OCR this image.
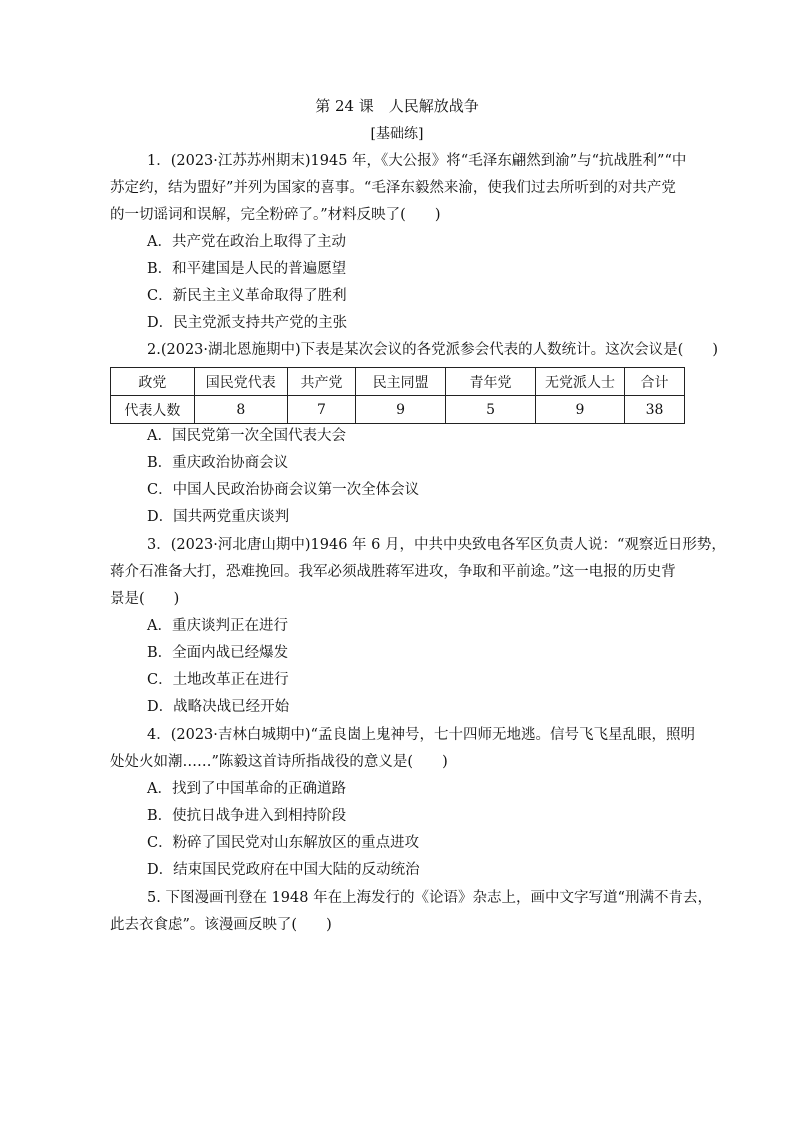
第 24 课　人民解放战争
[基础练]
1．(2023·江苏苏州期末)1945 年，《大公报》将“毛泽东翩然到渝”与“抗战胜利”“中
苏定约，结为盟好”并列为国家的喜事。“毛泽东毅然来渝，使我们过去所听到的对共产党
的一切谣词和误解，完全粉碎了。”材料反映了(　　)
A．共产党在政治上取得了主动
B．和平建国是人民的普遍愿望
C．新民主主义革命取得了胜利
D．民主党派支持共产党的主张
2.(2023·湖北恩施期中)下表是某次会议的各党派参会代表的人数统计。这次会议是(　　)
政党	国民党代表	共产党	民主同盟	青年党	无党派人士	合计
代表人数	8	7	9	5	9	38
A．国民党第一次全国代表大会
B．重庆政治协商会议
C．中国人民政治协商会议第一次全体会议
D．国共两党重庆谈判
3．(2023·河北唐山期中)1946 年 6 月，中共中央致电各军区负责人说：“观察近日形势，
蒋介石准备大打，恐难挽回。我军必须战胜蒋军进攻，争取和平前途。”这一电报的历史背
景是(　　)
A．重庆谈判正在进行
B．全面内战已经爆发
C．土地改革正在进行
D．战略决战已经开始
4．(2023·吉林白城期中)“孟良崮上鬼神号，七十四师无地逃。信号飞飞星乱眼，照明
处处火如潮……”陈毅这首诗所指战役的意义是(　　)
A．找到了中国革命的正确道路
B．使抗日战争进入到相持阶段
C．粉碎了国民党对山东解放区的重点进攻
D．结束国民党政府在中国大陆的反动统治
5. 下图漫画刊登在 1948 年在上海发行的《论语》杂志上，画中文字写道“刑满不肯去，
此去衣食虑”。该漫画反映了(　　)
